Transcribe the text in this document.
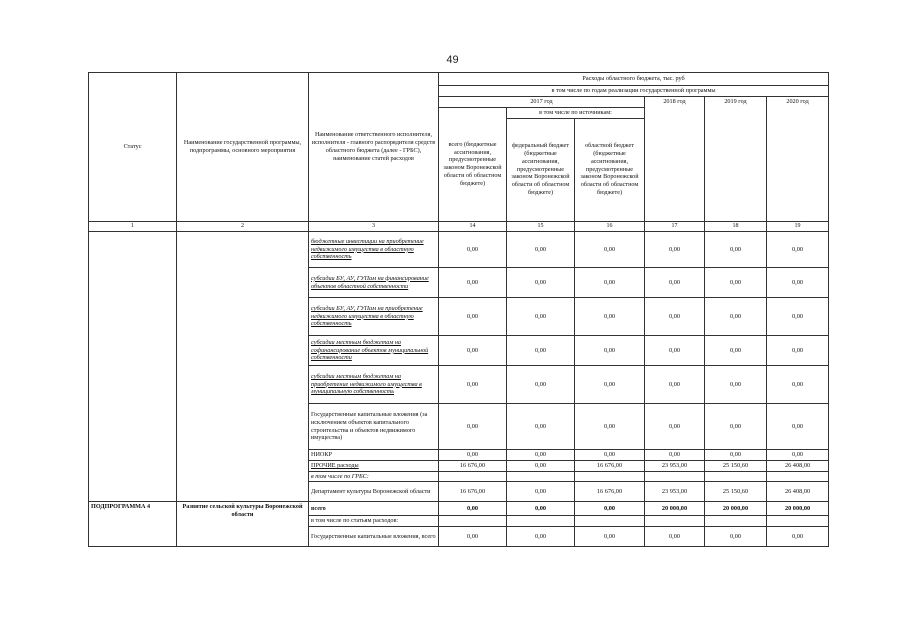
49
Статус	Наименование государственной программы, подпрограммы, основного мероприятия	Наименование ответственного исполнителя, исполнителя - главного распорядителя средств областного бюджета (далее - ГРБС), наименование статей расходов	Расходы областного бюджета, тыс. руб					
			в том числе по годам реализации государственной программы					
			2017 год			2018 год	2019 год	2020 год
			всего (бюджетные ассигнования, предусмотренные законом Воронежской области об областном бюджете)	в том числе по источникам:				
				федеральный бюджет (бюджетные ассигнования, предусмотренные законом Воронежской области об областном бюджете)	областной бюджет (бюджетные ассигнования, предусмотренные законом Воронежской области об областном бюджете)			
1	2	3	14	15	16	17	18	19
		бюджетные инвестиции на приобретение недвижимого имущества в областную собственность	0,00	0,00	0,00	0,00	0,00	0,00
		субсидии БУ, АУ, ГУПам на финансирование объектов областной собственности	0,00	0,00	0,00	0,00	0,00	0,00
		субсидии БУ, АУ, ГУПам на приобретение недвижимого имущества в областную собственность	0,00	0,00	0,00	0,00	0,00	0,00
		субсидии местным бюджетам на софинансирование объектов муниципальной собственности	0,00	0,00	0,00	0,00	0,00	0,00
		субсидии местным бюджетам на приобретение недвижимого имущества в муниципальную собственность	0,00	0,00	0,00	0,00	0,00	0,00
		Государственные капитальные вложения (за исключением объектов капитального строительства и объектов недвижимого имущества)	0,00	0,00	0,00	0,00	0,00	0,00
		НИОКР	0,00	0,00	0,00	0,00	0,00	0,00
		ПРОЧИЕ расходы	16 676,00	0,00	16 676,00	23 953,00	25 150,60	26 408,00
		в том числе по ГРБС:						
		Департамент культуры Воронежской области	16 676,00	0,00	16 676,00	23 953,00	25 150,60	26 408,00
ПОДПРОГРАММА 4	Развитие сельской культуры Воронежской области	всего	0,00	0,00	0,00	20 000,00	20 000,00	20 000,00
		в том числе по статьям расходов:						
		Государственные капитальные вложения, всего	0,00	0,00	0,00	0,00	0,00	0,00
